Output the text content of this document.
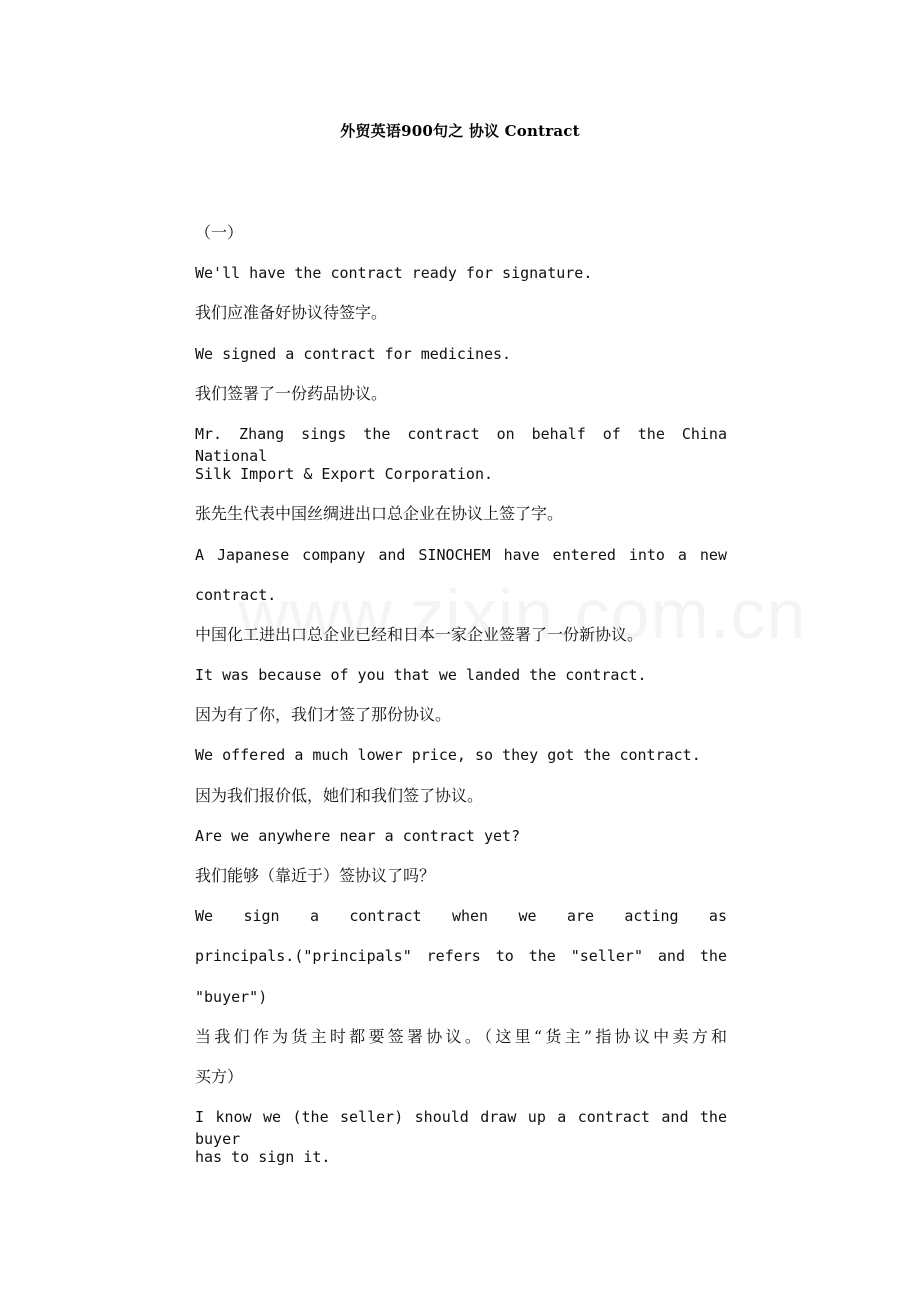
外贸英语900句之 协议 Contract
（一）
We'll have the contract ready for signature.
我们应准备好协议待签字。
We signed a contract for medicines.
我们签署了一份药品协议。
Mr. Zhang sings the contract on behalf of the China National
Silk Import & Export Corporation.
张先生代表中国丝绸进出口总企业在协议上签了字。
A Japanese company and SINOCHEM have entered into a new
contract.
中国化工进出口总企业已经和日本一家企业签署了一份新协议。
It was because of you that we landed the contract.
因为有了你，我们才签了那份协议。
We offered a much lower price, so they got the contract.
因为我们报价低，她们和我们签了协议。
Are we anywhere near a contract yet?
我们能够（靠近于）签协议了吗？
We sign a contract when we are acting as
principals.("principals" refers to the "seller" and the
"buyer")
当我们作为货主时都要签署协议。（这里“货主”指协议中卖方和
买方）
I know we (the seller) should draw up a contract and the buyer
has to sign it.
